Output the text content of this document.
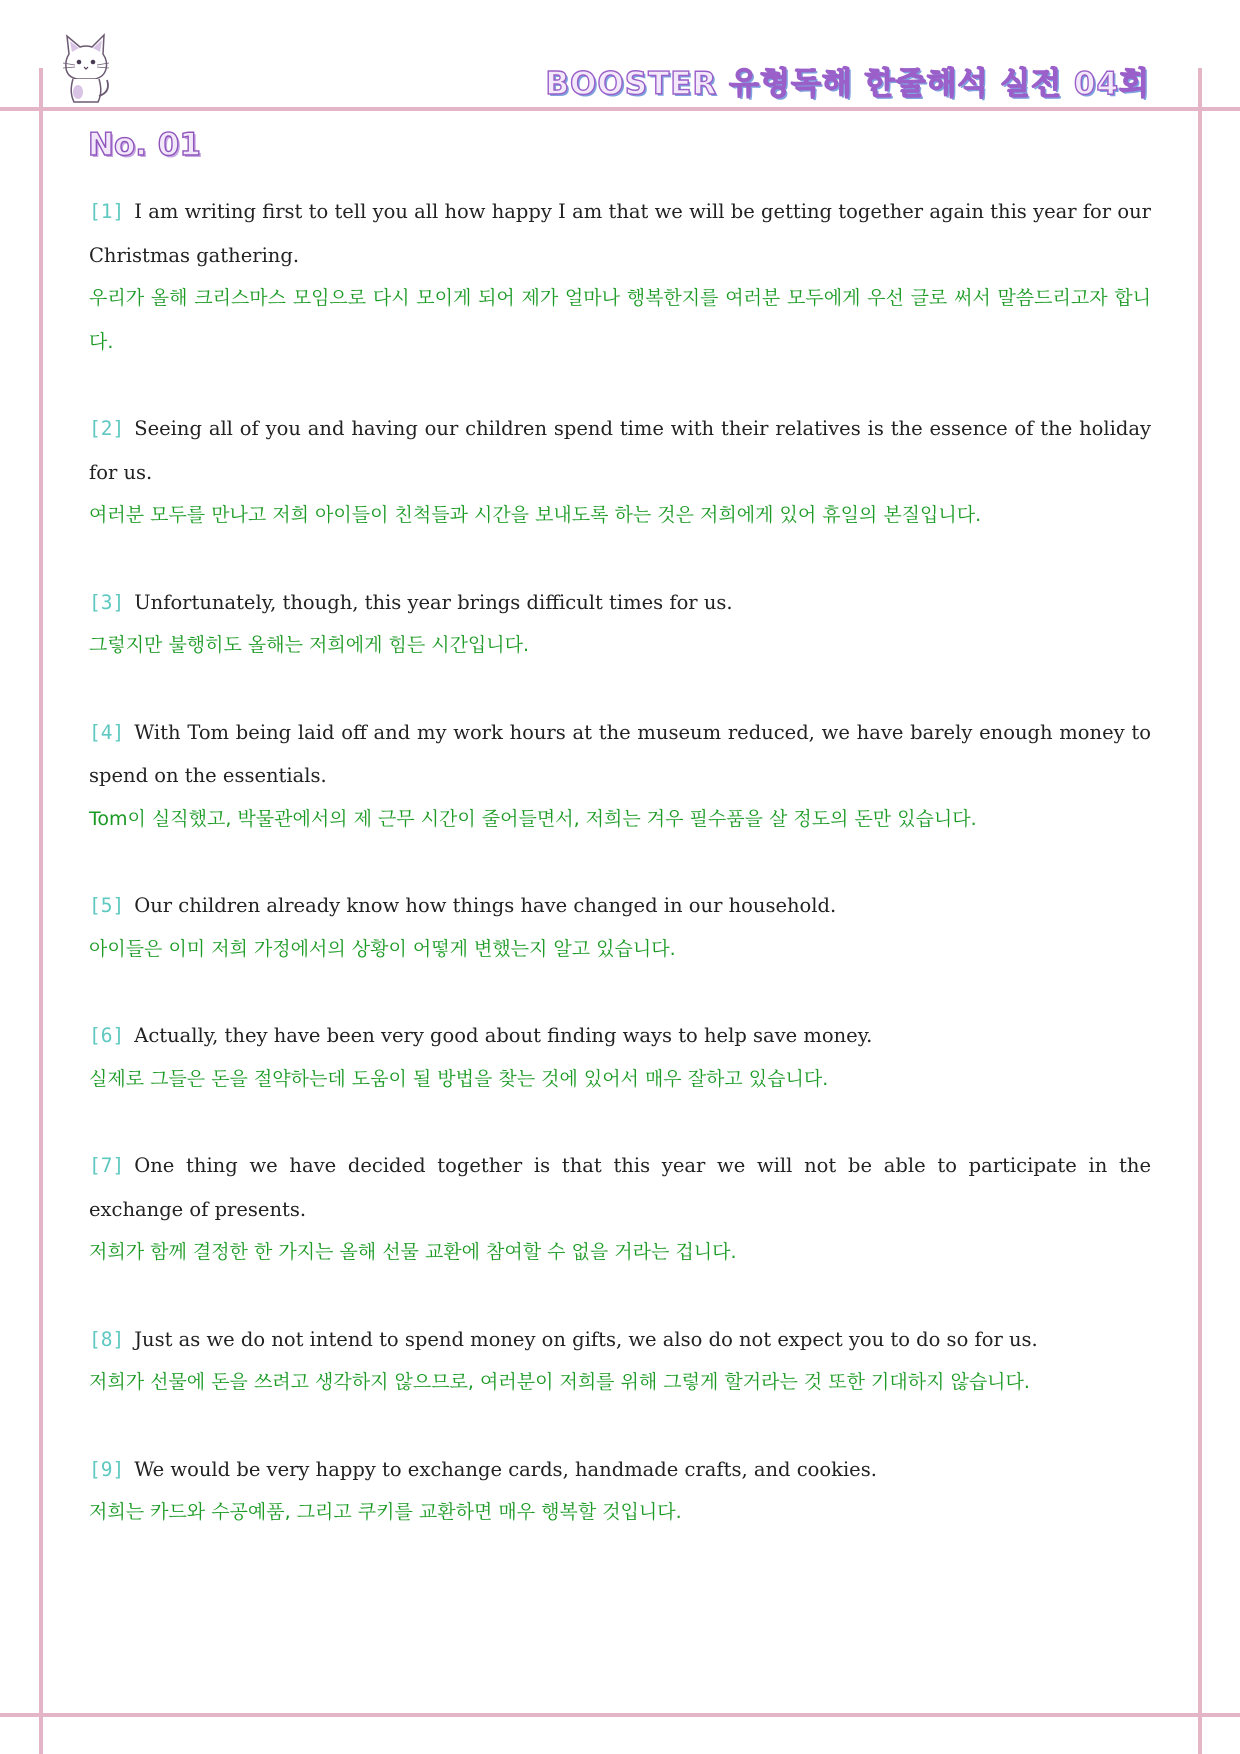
BOOSTER 유형독해 한줄해석 실전 04회
No. 01

[1] I am writing first to tell you all how happy I am that we will be getting together again this year for our Christmas gathering.

우리가 올해 크리스마스 모임으로 다시 모이게 되어 제가 얼마나 행복한지를 여러분 모두에게 우선 글로 써서 말씀드리고자 합니다.

[2] Seeing all of you and having our children spend time with their relatives is the essence of the holiday for us.

여러분 모두를 만나고 저희 아이들이 친척들과 시간을 보내도록 하는 것은 저희에게 있어 휴일의 본질입니다.

[3] Unfortunately, though, this year brings difficult times for us.

그렇지만 불행히도 올해는 저희에게 힘든 시간입니다.

[4] With Tom being laid off and my work hours at the museum reduced, we have barely enough money to spend on the essentials.

Tom이 실직했고, 박물관에서의 제 근무 시간이 줄어들면서, 저희는 겨우 필수품을 살 정도의 돈만 있습니다.

[5] Our children already know how things have changed in our household.

아이들은 이미 저희 가정에서의 상황이 어떻게 변했는지 알고 있습니다.

[6] Actually, they have been very good about finding ways to help save money.

실제로 그들은 돈을 절약하는데 도움이 될 방법을 찾는 것에 있어서 매우 잘하고 있습니다.

[7] One thing we have decided together is that this year we will not be able to participate in the exchange of presents.

저희가 함께 결정한 한 가지는 올해 선물 교환에 참여할 수 없을 거라는 겁니다.

[8] Just as we do not intend to spend money on gifts, we also do not expect you to do so for us.

저희가 선물에 돈을 쓰려고 생각하지 않으므로, 여러분이 저희를 위해 그렇게 할거라는 것 또한 기대하지 않습니다.

[9] We would be very happy to exchange cards, handmade crafts, and cookies.

저희는 카드와 수공예품, 그리고 쿠키를 교환하면 매우 행복할 것입니다.
